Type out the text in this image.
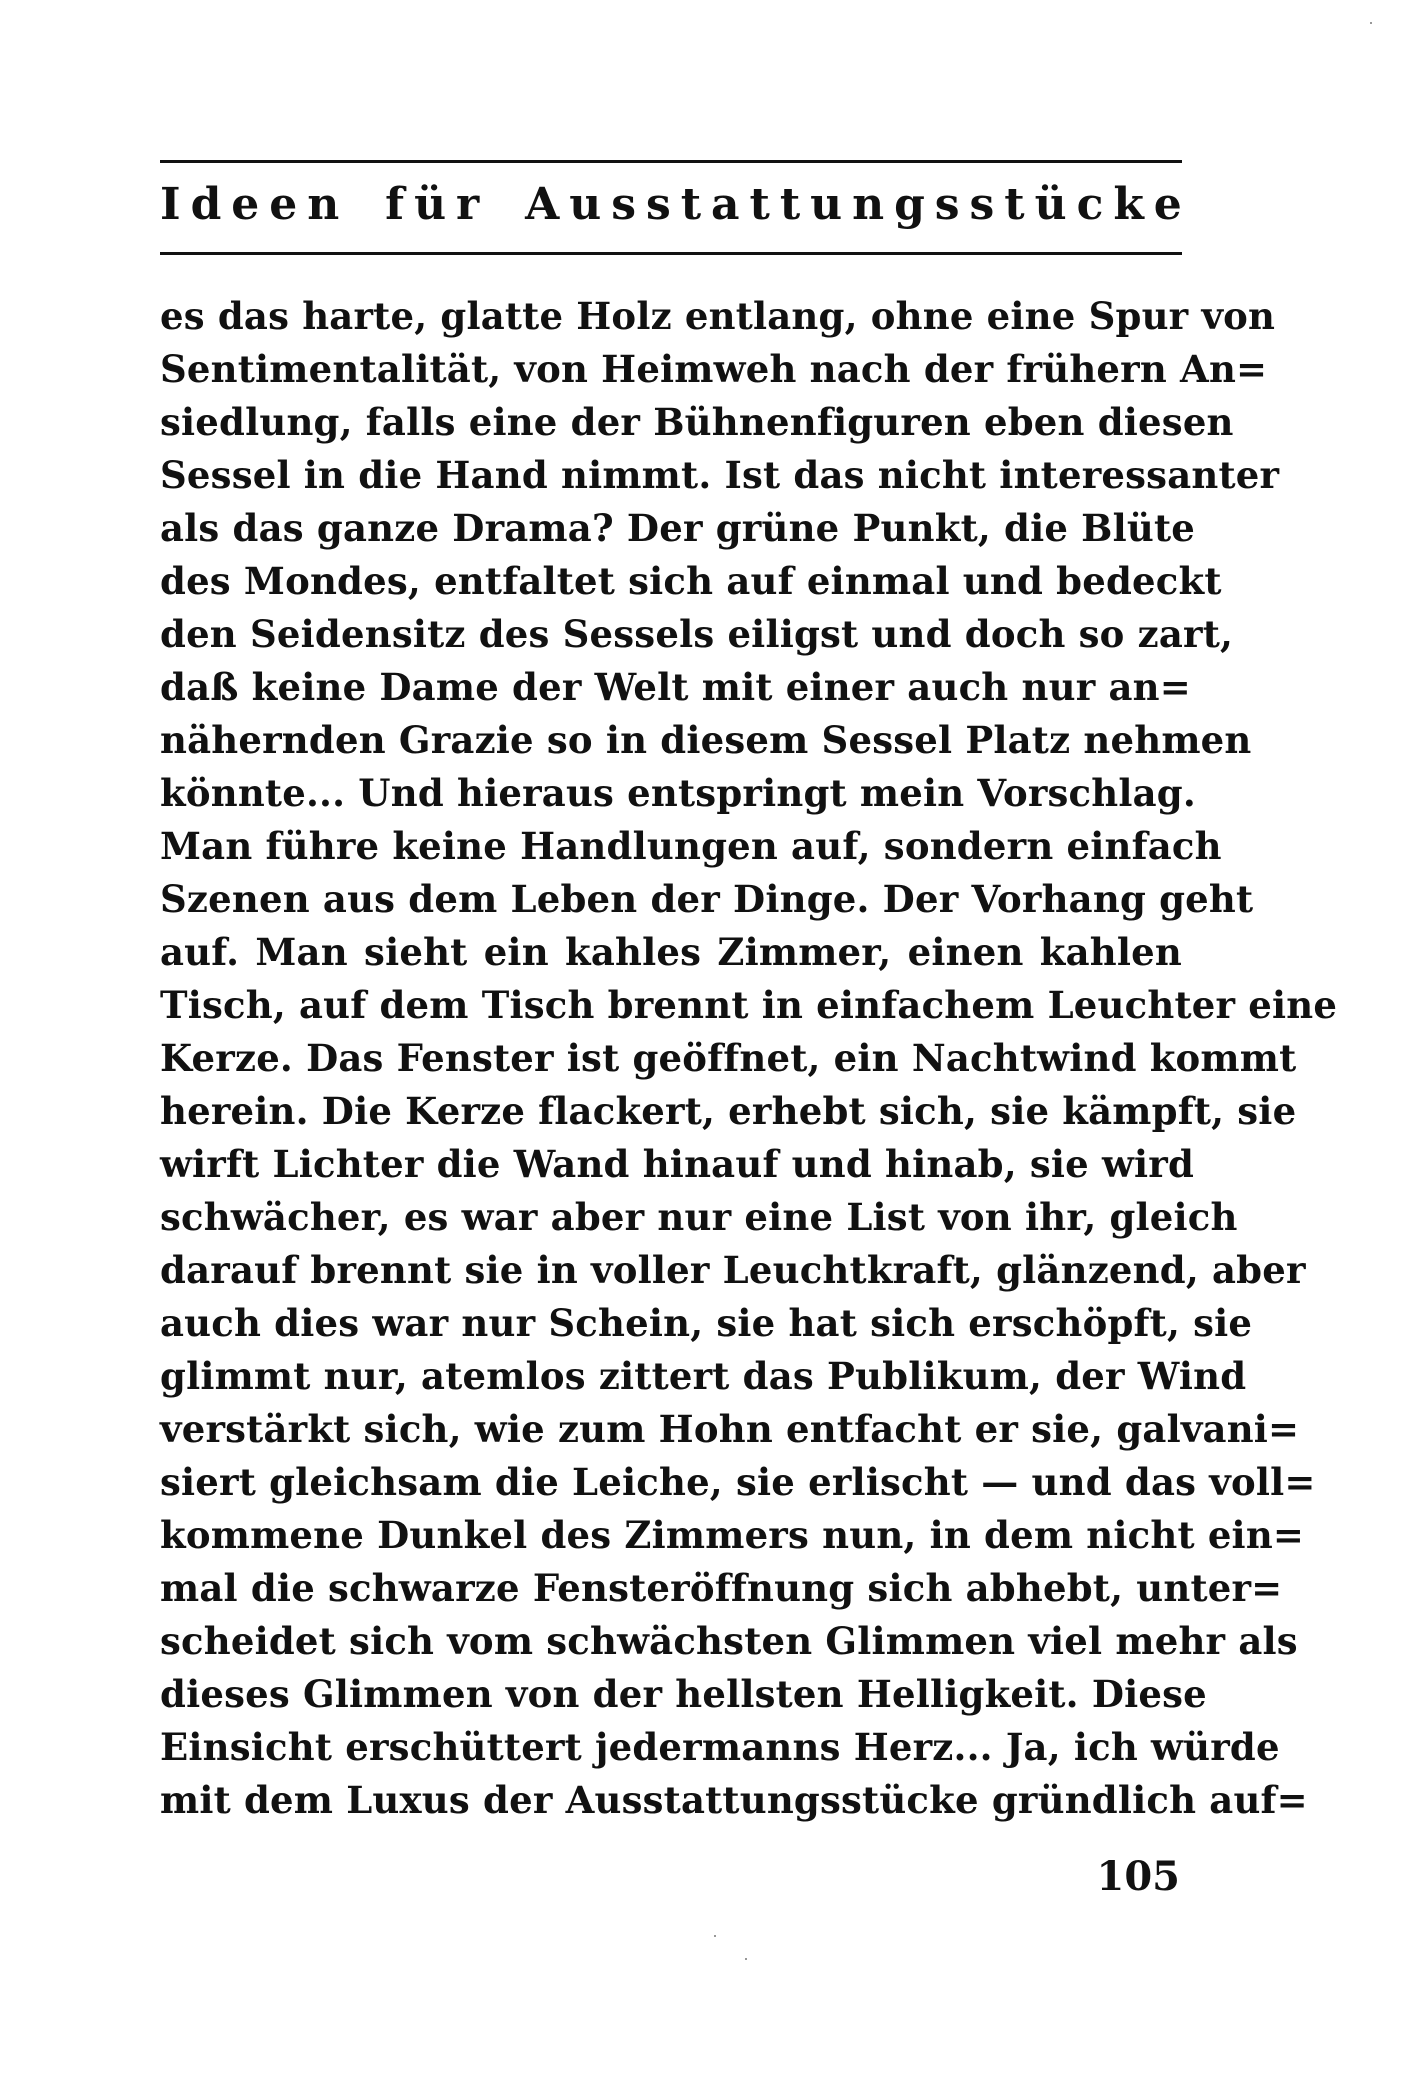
I d e e n f ü r A u s s t a t t u n g s s t ü c k e
es das harte, glatte Holz entlang, ohne eine Spur von
Sentimentalität, von Heimweh nach der frühern An=
siedlung, falls eine der Bühnenfiguren eben diesen
Sessel in die Hand nimmt. Ist das nicht interessanter
als das ganze Drama? Der grüne Punkt, die Blüte
des Mondes, entfaltet sich auf einmal und bedeckt
den Seidensitz des Sessels eiligst und doch so zart,
daß keine Dame der Welt mit einer auch nur an=
nähernden Grazie so in diesem Sessel Platz nehmen
könnte... Und hieraus entspringt mein Vorschlag.
Man führe keine Handlungen auf, sondern einfach
Szenen aus dem Leben der Dinge. Der Vorhang geht
auf. Man sieht ein kahles Zimmer, einen kahlen
Tisch, auf dem Tisch brennt in einfachem Leuchter eine
Kerze. Das Fenster ist geöffnet, ein Nachtwind kommt
herein. Die Kerze flackert, erhebt sich, sie kämpft, sie
wirft Lichter die Wand hinauf und hinab, sie wird
schwächer, es war aber nur eine List von ihr, gleich
darauf brennt sie in voller Leuchtkraft, glänzend, aber
auch dies war nur Schein, sie hat sich erschöpft, sie
glimmt nur, atemlos zittert das Publikum, der Wind
verstärkt sich, wie zum Hohn entfacht er sie, galvani=
siert gleichsam die Leiche, sie erlischt — und das voll=
kommene Dunkel des Zimmers nun, in dem nicht ein=
mal die schwarze Fensteröffnung sich abhebt, unter=
scheidet sich vom schwächsten Glimmen viel mehr als
dieses Glimmen von der hellsten Helligkeit. Diese
Einsicht erschüttert jedermanns Herz... Ja, ich würde
mit dem Luxus der Ausstattungsstücke gründlich auf=
105
